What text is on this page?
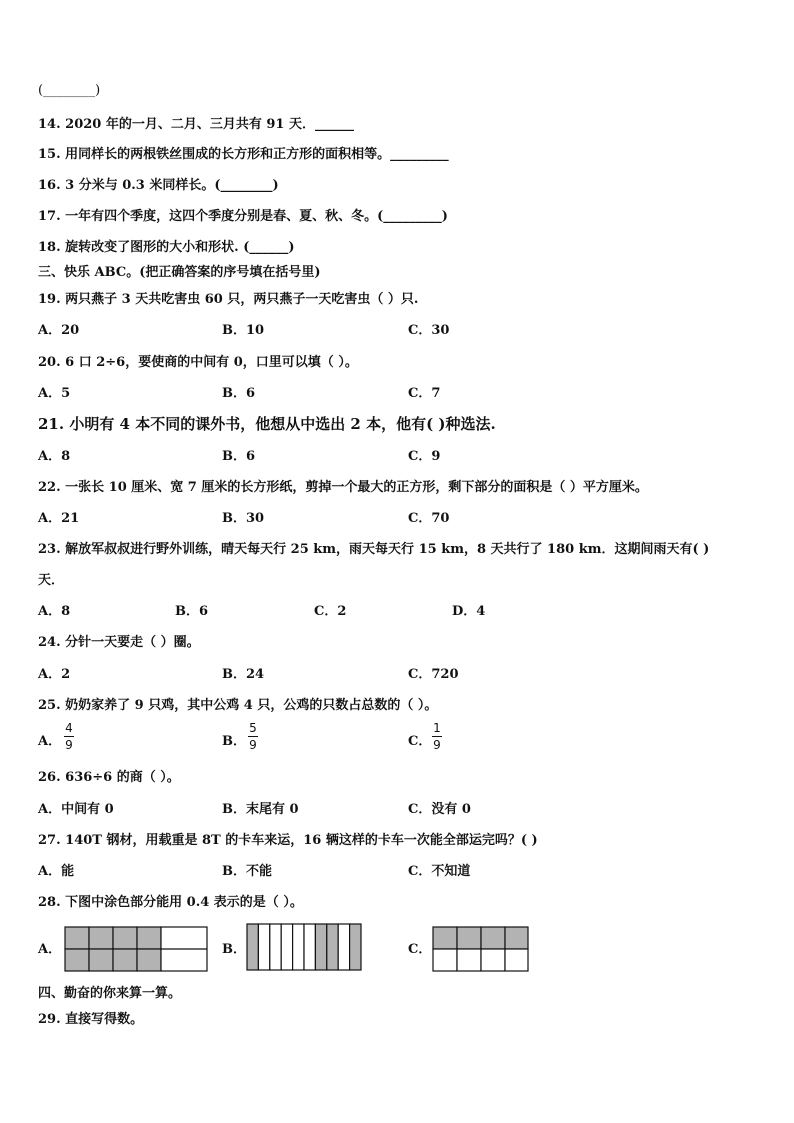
(________)
14. 2020 年的一月、二月、三月共有 91 天．______
15. 用同样长的两根铁丝围成的长方形和正方形的面积相等。_________
16. 3 分米与 0.3 米同样长。(________)
17. 一年有四个季度，这四个季度分别是春、夏、秋、冬。(_________)
18. 旋转改变了图形的大小和形状. (______)
三、快乐 ABC。(把正确答案的序号填在括号里)
19. 两只燕子 3 天共吃害虫 60 只，两只燕子一天吃害虫（ ）只.
A．20	B．10	C．30
20. 6 口 2÷6，要使商的中间有 0，口里可以填（ ）。
A．5	B．6	C．7
21. 小明有 4 本不同的课外书，他想从中选出 2 本，他有( )种选法.
A．8	B．6	C．9
22. 一张长 10 厘米、宽 7 厘米的长方形纸，剪掉一个最大的正方形，剩下部分的面积是（ ）平方厘米。
A．21	B．30	C．70
23. 解放军叔叔进行野外训练，晴天每天行 25 km，雨天每天行 15 km，8 天共行了 180 km．这期间雨天有( )
天．
A．8	B．6	C．2	D．4
24. 分针一天要走（ ）圈。
A．2	B．24	C．720
25. 奶奶家养了 9 只鸡，其中公鸡 4 只，公鸡的只数占总数的（ ）。
A．
4
9	B．
5
9	C．
1
9
26. 636÷6 的商（ ）。
A．中间有 0	B．末尾有 0	C．没有 0
27. 140T 钢材，用载重是 8T 的卡车来运，16 辆这样的卡车一次能全部运完吗？( )
A．能	B．不能	C．不知道
28. 下图中涂色部分能用 0.4 表示的是（ ）。
A．	B．	C．
四、勤奋的你来算一算。
29. 直接写得数。
